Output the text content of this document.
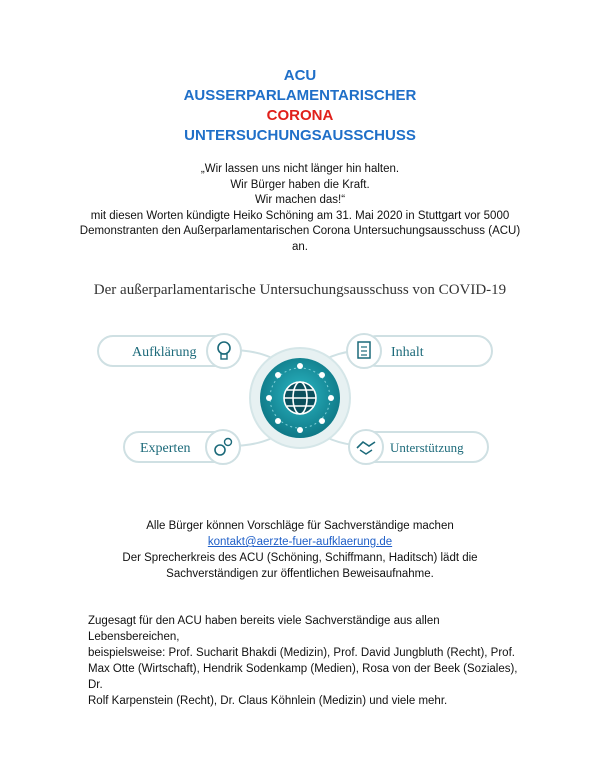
ACU
AUSSERPARLAMENTARISCHER
CORONA
UNTERSUCHUNGSAUSSCHUSS
„Wir lassen uns nicht länger hin halten.
Wir Bürger haben die Kraft.
Wir machen das!“
mit diesen Worten kündigte Heiko Schöning am 31. Mai 2020 in Stuttgart vor 5000
Demonstranten den Außerparlamentarischen Corona Untersuchungsausschuss (ACU)
an.
Der außerparlamentarische Untersuchungsausschuss von COVID-19
Aufklärung	Inhalt
Experten	Unterstützung
Alle Bürger können Vorschläge für Sachverständige machen
kontakt@aerzte-fuer-aufklaerung.de
Der Sprecherkreis des ACU (Schöning, Schiffmann, Haditsch) lädt die
Sachverständigen zur öffentlichen Beweisaufnahme.
Zugesagt für den ACU haben bereits viele Sachverständige aus allen Lebensbereichen,
beispielsweise: Prof. Sucharit Bhakdi (Medizin), Prof. David Jungbluth (Recht), Prof.
Max Otte (Wirtschaft), Hendrik Sodenkamp (Medien), Rosa von der Beek (Soziales), Dr.
Rolf Karpenstein (Recht), Dr. Claus Köhnlein (Medizin) und viele mehr.
